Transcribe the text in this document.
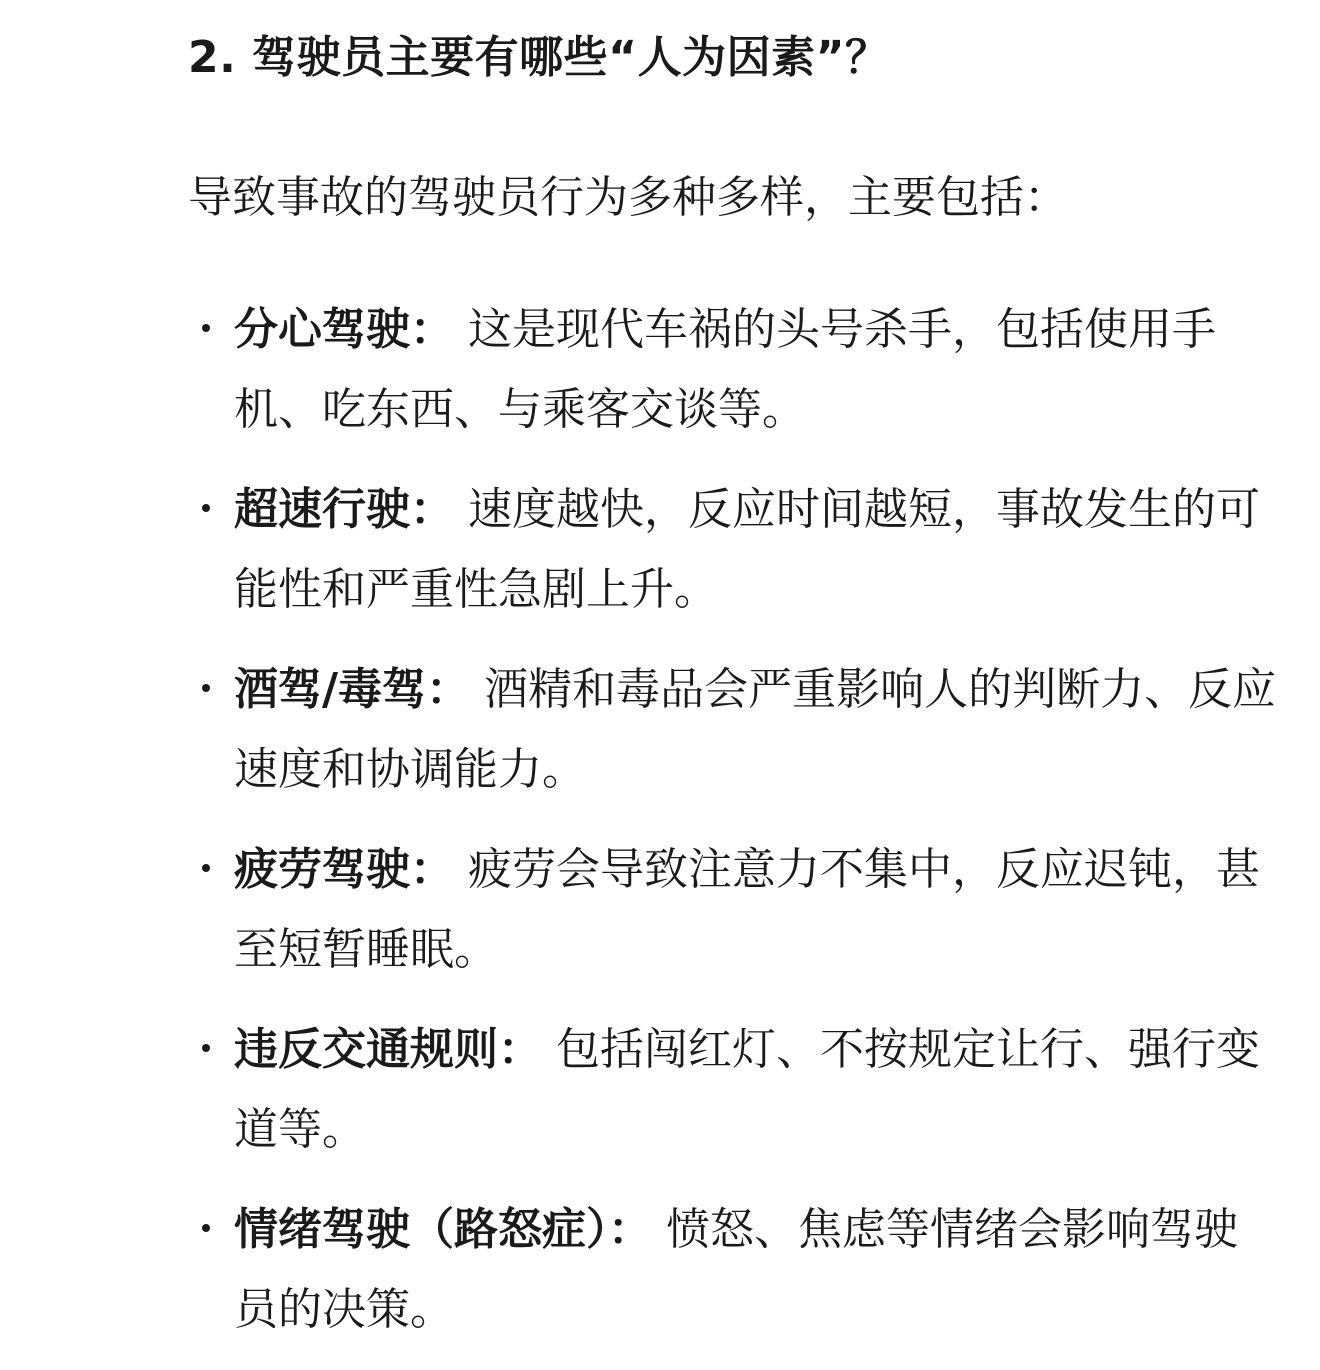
2. 驾驶员主要有哪些“人为因素”？

导致事故的驾驶员行为多种多样，主要包括：

分心驾驶： 这是现代车祸的头号杀手，包括使用手机、吃东西、与乘客交谈等。
超速行驶： 速度越快，反应时间越短，事故发生的可能性和严重性急剧上升。
酒驾/毒驾： 酒精和毒品会严重影响人的判断力、反应速度和协调能力。
疲劳驾驶： 疲劳会导致注意力不集中，反应迟钝，甚至短暂睡眠。
违反交通规则： 包括闯红灯、不按规定让行、强行变道等。
情绪驾驶（路怒症）： 愤怒、焦虑等情绪会影响驾驶员的决策。
